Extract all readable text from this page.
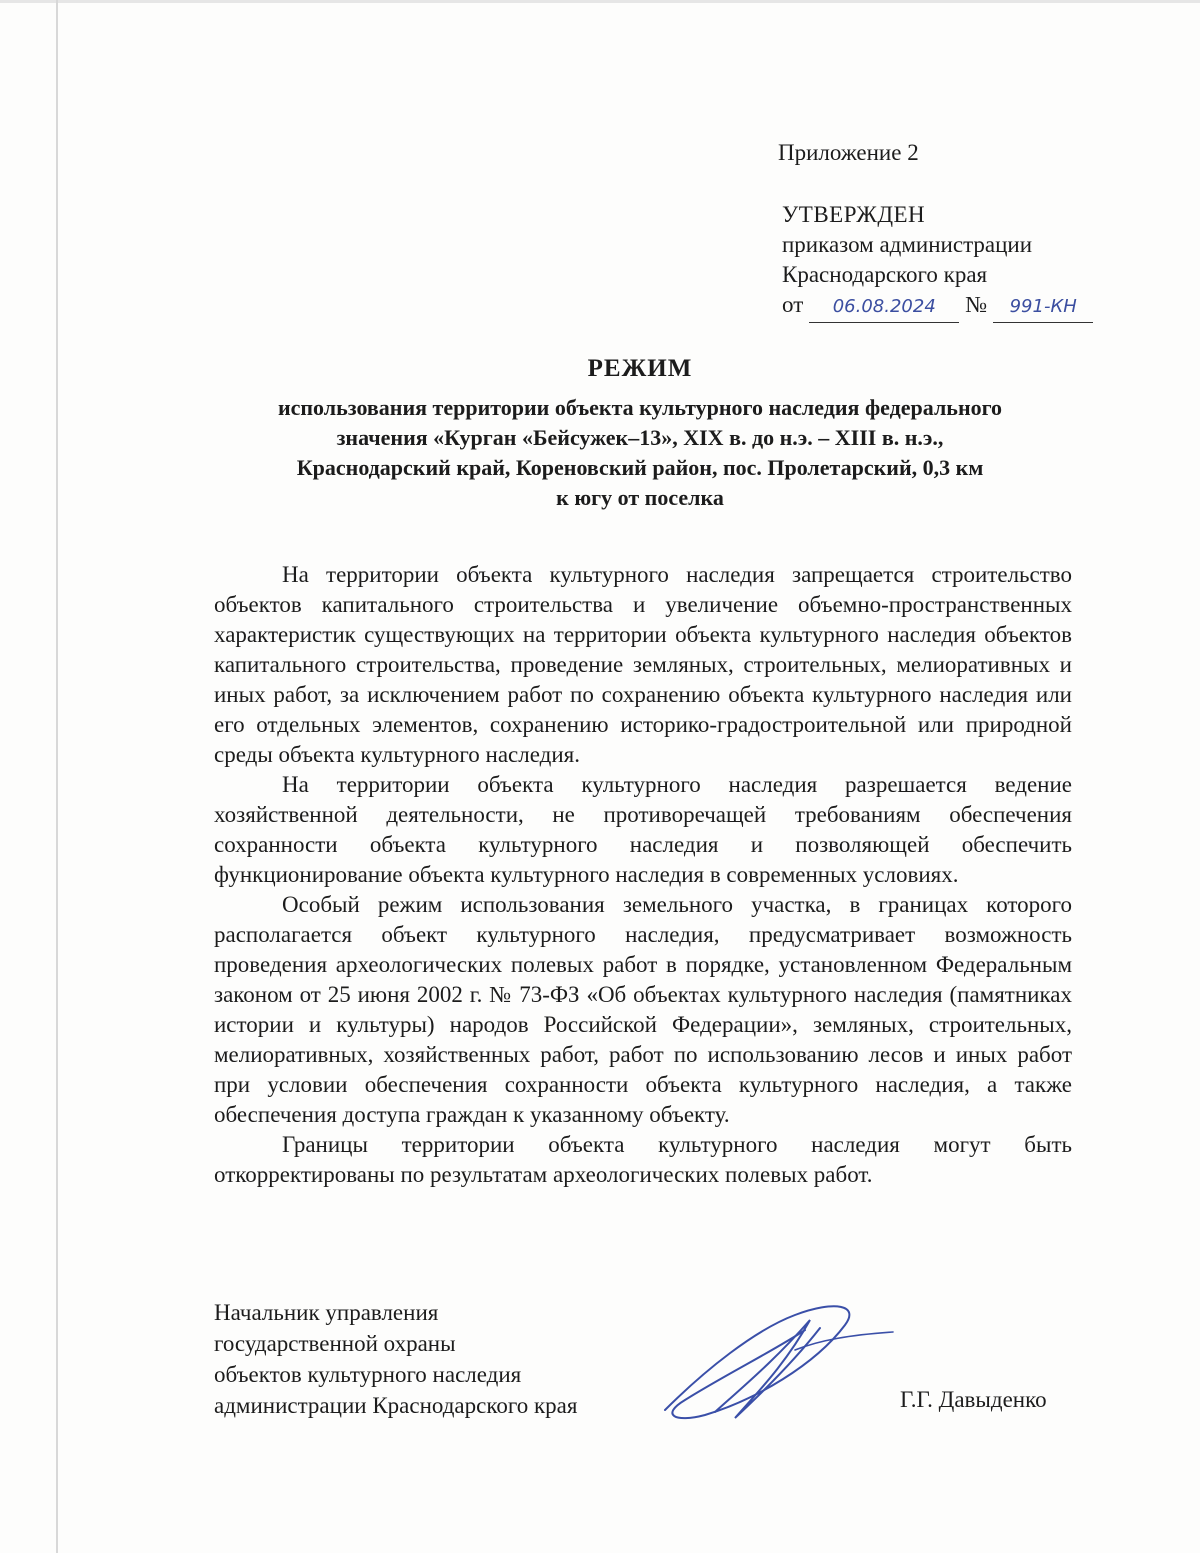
Приложение 2
УТВЕРЖДЕН
приказом администрации
Краснодарского края
от 06.08.2024 № 991-КН
РЕЖИМ
использования территории объекта культурного наследия федерального
значения «Курган «Бейсужек–13», XIX в. до н.э. – XIII в. н.э.,
Краснодарский край, Кореновский район, пос. Пролетарский, 0,3 км
к югу от поселка

На территории объекта культурного наследия запрещается строительство объектов капитального строительства и увеличение объемно-пространственных характеристик существующих на территории объекта культурного наследия объектов капитального строительства, проведение земляных, строительных, мелиоративных и иных работ, за исключением работ по сохранению объекта культурного наследия или его отдельных элементов, сохранению историко-градостроительной или природной среды объекта культурного наследия.

На территории объекта культурного наследия разрешается ведение хозяйственной деятельности, не противоречащей требованиям обеспечения сохранности объекта культурного наследия и позволяющей обеспечить функционирование объекта культурного наследия в современных условиях.

Особый режим использования земельного участка, в границах которого располагается объект культурного наследия, предусматривает возможность проведения археологических полевых работ в порядке, установленном Федеральным законом от 25 июня 2002 г. № 73-ФЗ «Об объектах культурного наследия (памятниках истории и культуры) народов Российской Федерации», земляных, строительных, мелиоративных, хозяйственных работ, работ по использованию лесов и иных работ при условии обеспечения сохранности объекта культурного наследия, а также обеспечения доступа граждан к указанному объекту.

Границы территории объекта культурного наследия могут быть откорректированы по результатам археологических полевых работ.

Начальник управления
государственной охраны
объектов культурного наследия
администрации Краснодарского края	Г.Г. Давыденко
